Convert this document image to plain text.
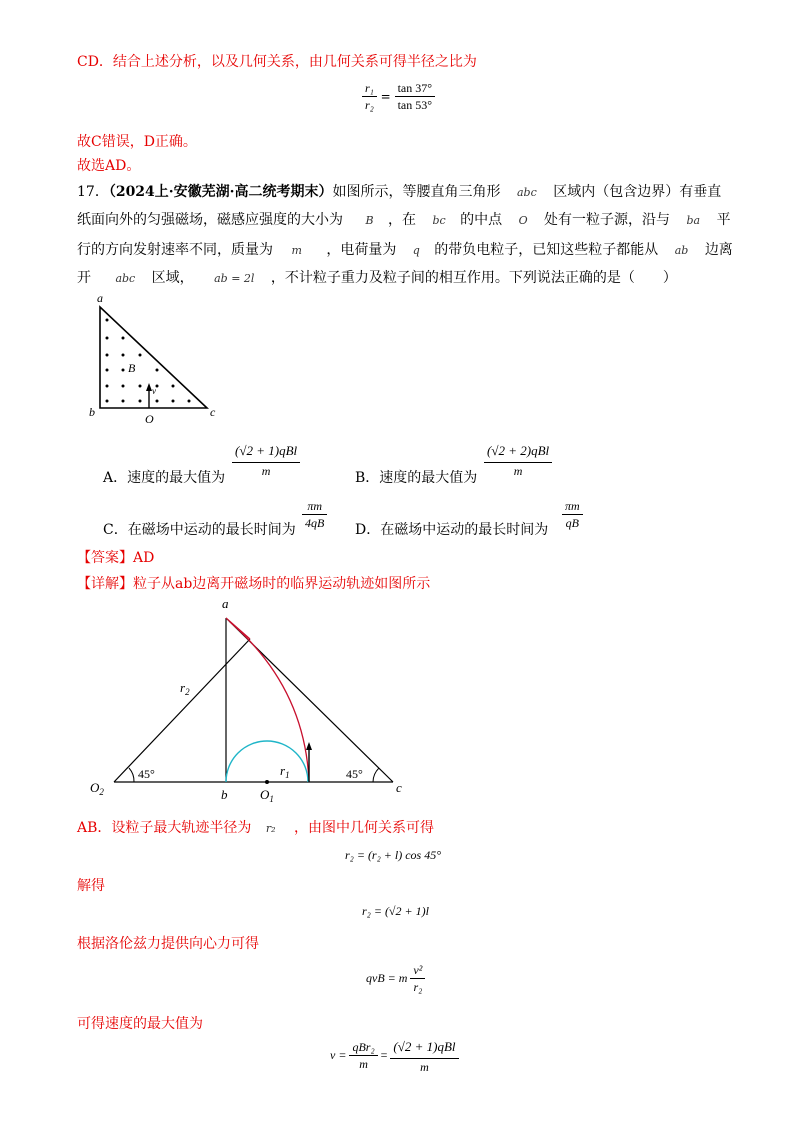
CD．结合上述分析，以及几何关系，由几何关系可得半径之比为
$\frac{\text{r₁}}{\text{r₂}} = \frac{\tan 37^\circ}{\tan 53^\circ}$
故C错误，D正确。
故选AD。
17．（2024上·安徽芜湖·高二统考期末）如图所示，等腰直角三角形 abc 区域内（包含边界）有垂直
纸面向外的匀强磁场，磁感应强度的大小为 B ，在 bc 的中点 O 处有一粒子源，沿与 ba 平
行的方向发射速率不同，质量为 m ，电荷量为 q 的带负电粒子，已知这些粒子都能从 ab 边离
开 abc 区域， ab = 2l ，不计粒子重力及粒子间的相互作用。下列说法正确的是（　　）
a
b	c
O
B
v
A．速度的最大值为 $\frac{\text{(√2 + 1)qBl}}{m}$	B．速度的最大值为 $\frac{\text{(√2 + 2)qBl}}{m}$
C．在磁场中运动的最长时间为 $\frac{\pi m}{4qB}$ D．在磁场中运动的最长时间为 $\frac{\pi m}{qB}$
【答案】AD
【详解】粒子从ab边离开磁场时的临界运动轨迹如图所示
a
b	c
$O_1$
$O_2$
$r_1$
$r_2$
45°	45°
AB．设粒子最大轨迹半径为 r₂ ，由图中几何关系可得
r₂ = (r₂ + l) cos 45°
解得
r₂ = (√2 + 1)l
根据洛伦兹力提供向心力可得
qvB = m $\frac{\text{v²}}{\text{r₂}}$
可得速度的最大值为
$v = \frac{\text{qBr₂}}{m} = \frac{\text{(√2 + 1)qBl}}{m}$
